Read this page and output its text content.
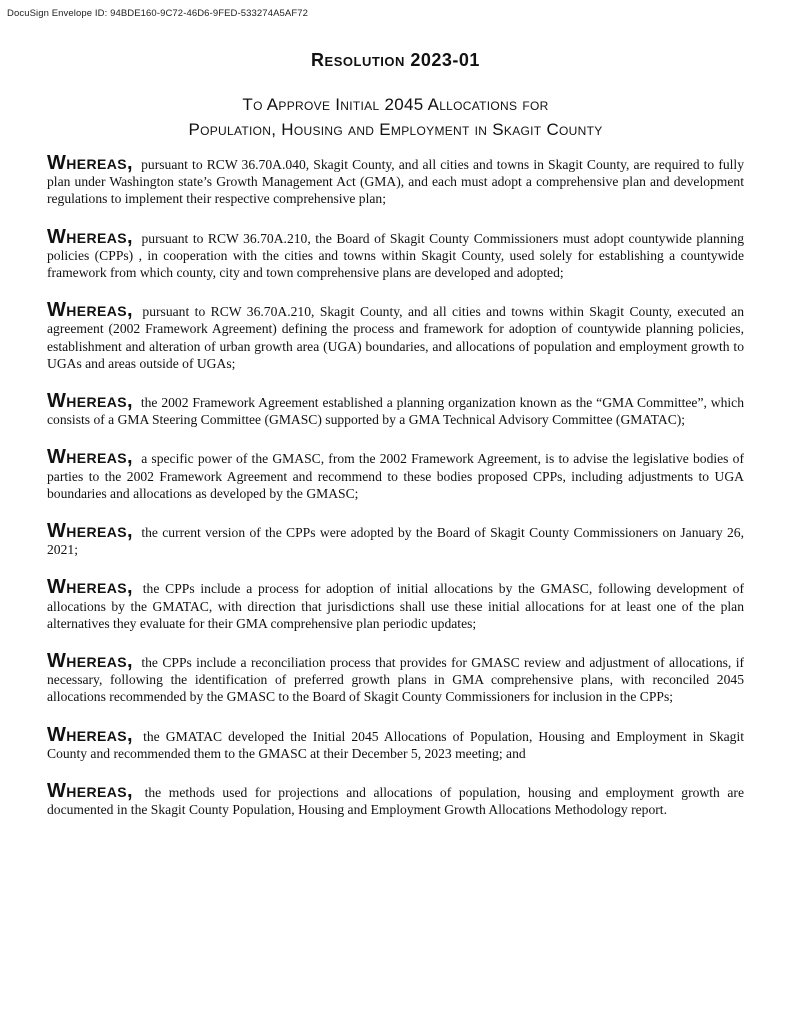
DocuSign Envelope ID: 94BDE160-9C72-46D6-9FED-533274A5AF72
Resolution 2023-01
To Approve Initial 2045 Allocations for
Population, Housing and Employment in Skagit County

Whereas, pursuant to RCW 36.70A.040, Skagit County, and all cities and towns in Skagit County, are required to fully plan under Washington state’s Growth Management Act (GMA), and each must adopt a comprehensive plan and development regulations to implement their respective comprehensive plan;

Whereas, pursuant to RCW 36.70A.210, the Board of Skagit County Commissioners must adopt countywide planning policies (CPPs) , in cooperation with the cities and towns within Skagit County, used solely for establishing a countywide framework from which county, city and town comprehensive plans are developed and adopted;

Whereas, pursuant to RCW 36.70A.210, Skagit County, and all cities and towns within Skagit County, executed an agreement (2002 Framework Agreement) defining the process and framework for adoption of countywide planning policies, establishment and alteration of urban growth area (UGA) boundaries, and allocations of population and employment growth to UGAs and areas outside of UGAs;

Whereas, the 2002 Framework Agreement established a planning organization known as the “GMA Committee”, which consists of a GMA Steering Committee (GMASC) supported by a GMA Technical Advisory Committee (GMATAC);

Whereas, a specific power of the GMASC, from the 2002 Framework Agreement, is to advise the legislative bodies of parties to the 2002 Framework Agreement and recommend to these bodies proposed CPPs, including adjustments to UGA boundaries and allocations as developed by the GMASC;

Whereas, the current version of the CPPs were adopted by the Board of Skagit County Commissioners on January 26, 2021;

Whereas, the CPPs include a process for adoption of initial allocations by the GMASC, following development of allocations by the GMATAC, with direction that jurisdictions shall use these initial allocations for at least one of the plan alternatives they evaluate for their GMA comprehensive plan periodic updates;

Whereas, the CPPs include a reconciliation process that provides for GMASC review and adjustment of allocations, if necessary, following the identification of preferred growth plans in GMA comprehensive plans, with reconciled 2045 allocations recommended by the GMASC to the Board of Skagit County Commissioners for inclusion in the CPPs;

Whereas, the GMATAC developed the Initial 2045 Allocations of Population, Housing and Employment in Skagit County and recommended them to the GMASC at their December 5, 2023 meeting; and

Whereas, the methods used for projections and allocations of population, housing and employment growth are documented in the Skagit County Population, Housing and Employment Growth Allocations Methodology report.
